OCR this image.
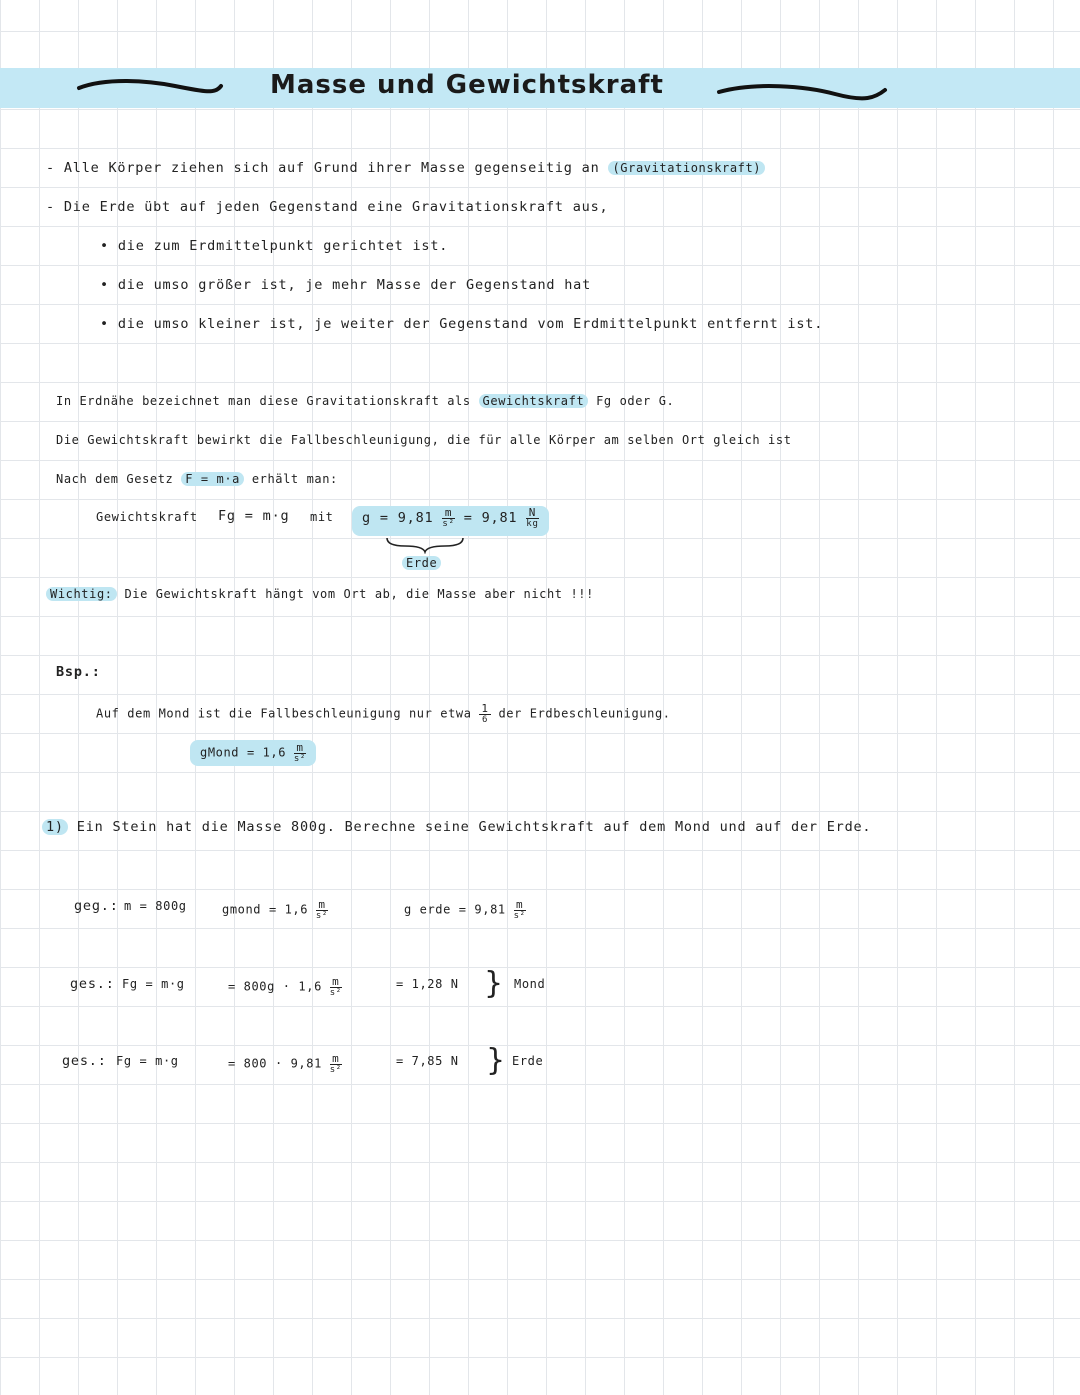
Masse und Gewichtskraft
- Alle Körper ziehen sich auf Grund ihrer Masse gegenseitig an (Gravitationskraft)
- Die Erde übt auf jeden Gegenstand eine Gravitationskraft aus,
• die zum Erdmittelpunkt gerichtet ist.
• die umso größer ist, je mehr Masse der Gegenstand hat
• die umso kleiner ist, je weiter der Gegenstand vom Erdmittelpunkt entfernt ist.
In Erdnähe bezeichnet man diese Gravitationskraft als Gewichtskraft Fg oder G.
Die Gewichtskraft bewirkt die Fallbeschleunigung, die für alle Körper am selben Ort gleich ist
Nach dem Gesetz F = m·a erhält man:
Gewichtskraft Fg = m·g mit	$g = 9,81 \frac{m}{\text{s²}} = 9,81 \frac{N}{kg}$
Erde
Wichtig: Die Gewichtskraft hängt vom Ort ab, die Masse aber nicht !!!
Bsp.:
Auf dem Mond ist die Fallbeschleunigung nur etwa $\frac{1}{6}$ der Erdbeschleunigung.
gMond = $1,6 \frac{m}{\text{s²}}$
1) Ein Stein hat die Masse 800g. Berechne seine Gewichtskraft auf dem Mond und auf der Erde.
geg.: m = 800g	gmond = $1,6 \frac{m}{\text{s²}}$	g erde = $9,81 \frac{m}{\text{s²}}$
ges.: Fg = m·g	= $800g \cdot 1,6 \frac{m}{\text{s²}}$	= 1,28 N } Mond
ges.: Fg = m·g	= $800 \cdot 9,81 \frac{m}{\text{s²}}$	= 7,85 N } Erde
